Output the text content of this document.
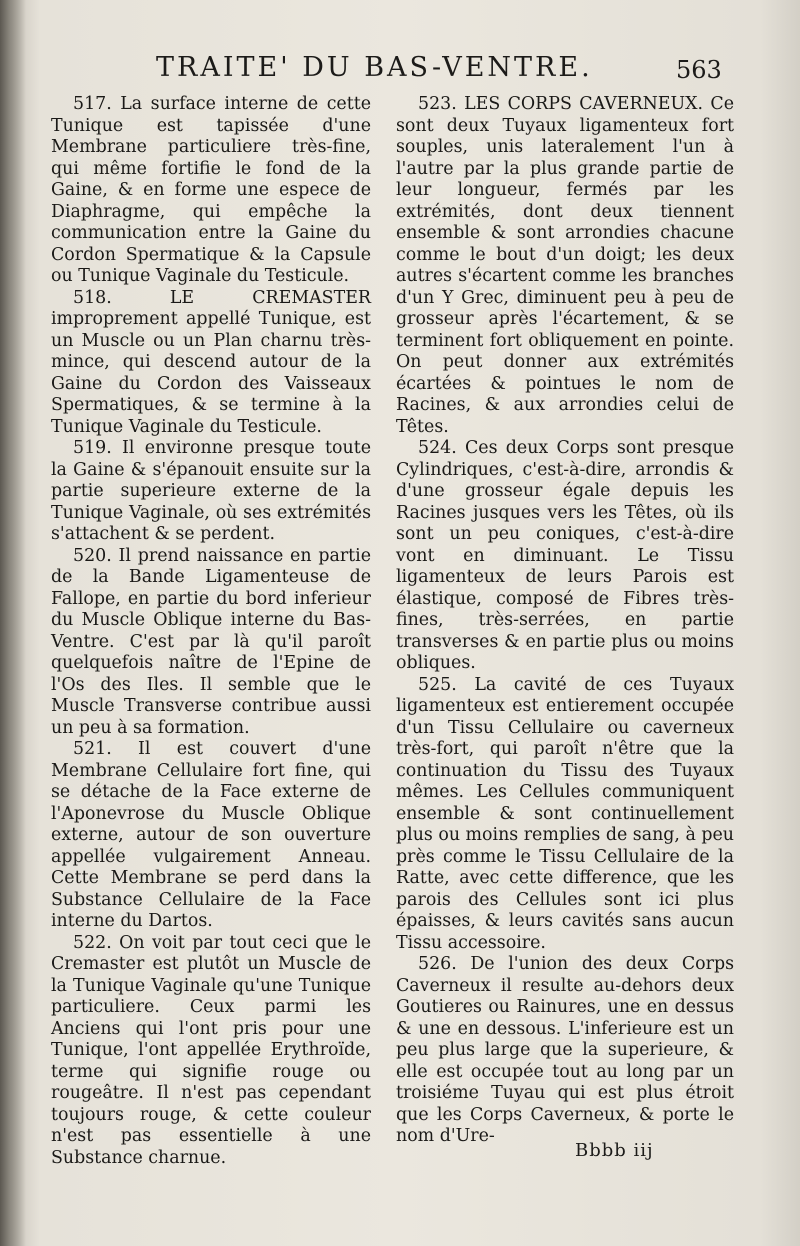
TRAITE' DU BAS-VENTRE.	563

517. La surface interne de cette Tunique est tapissée d'une Membrane particuliere très-fine, qui même fortifie le fond de la Gaine, & en forme une espece de Diaphragme, qui empêche la communication entre la Gaine du Cordon Spermatique & la Capsule ou Tunique Vaginale du Testicule.

518.	LE CREMASTER improprement appellé Tunique, est un Muscle ou un Plan charnu très-mince, qui descend autour de la Gaine du Cordon des Vaisseaux Spermatiques, & se termine à la Tunique Vaginale du Testicule.

519. Il environne presque toute la Gaine & s'épanouit ensuite sur la partie superieure externe de la Tunique Vaginale, où ses extrémités s'attachent & se perdent.

520. Il prend naissance en partie de la Bande Ligamenteuse de Fallope, en partie du bord inferieur du Muscle Oblique interne du Bas-Ventre. C'est par là qu'il paroît quelquefois naître de l'Epine de l'Os des Iles. Il semble que le Muscle Transverse contribue aussi un peu à sa formation.

521. Il est couvert d'une Membrane Cellulaire fort fine, qui se détache de la Face externe de l'Aponevrose du Muscle Oblique externe, autour de son ouverture appellée vulgairement Anneau. Cette Membrane se perd dans la Substance Cellulaire de la Face interne du Dartos.

522. On voit par tout ceci que le Cremaster est plutôt un Muscle de la Tunique Vaginale qu'une Tunique particuliere. Ceux parmi les Anciens qui l'ont pris pour une Tunique, l'ont appellée Erythroïde, terme qui signifie rouge ou rougeâtre. Il n'est pas cependant toujours rouge, & cette couleur n'est pas essentielle à une Substance charnue.

523. LES CORPS CAVERNEUX. Ce sont deux Tuyaux ligamenteux fort souples, unis lateralement l'un à l'autre par la plus grande partie de leur longueur, fermés par les extrémités, dont deux tiennent ensemble & sont arrondies chacune comme le bout d'un doigt; les deux autres s'écartent comme les branches d'un Y Grec, diminuent peu à peu de grosseur après l'écartement, & se terminent fort obliquement en pointe. On peut donner aux extrémités écartées & pointues le nom de Racines, & aux arrondies celui de Têtes.

524. Ces deux Corps sont presque Cylindriques, c'est-à-dire, arrondis & d'une grosseur égale depuis les Racines jusques vers les Têtes, où ils sont un peu coniques, c'est-à-dire vont en diminuant. Le Tissu ligamenteux de leurs Parois est élastique, composé de Fibres très-fines, très-serrées, en partie transverses & en partie plus ou moins obliques.

525. La cavité de ces Tuyaux ligamenteux est entierement occupée d'un Tissu Cellulaire ou caverneux très-fort, qui paroît n'être que la continuation du Tissu des Tuyaux mêmes. Les Cellules communiquent ensemble & sont continuellement plus ou moins remplies de sang, à peu près comme le Tissu Cellulaire de la Ratte, avec cette difference, que les parois des Cellules sont ici plus épaisses, & leurs cavités sans aucun Tissu accessoire.

526. De l'union des deux Corps Caverneux il resulte au-dehors deux Goutieres ou Rainures, une en dessus & une en dessous. L'inferieure est un peu plus large que la superieure, & elle est occupée tout au long par un troisiéme Tuyau qui est plus étroit que les Corps Caverneux, & porte le nom d'Ure-

Bbbb iij
